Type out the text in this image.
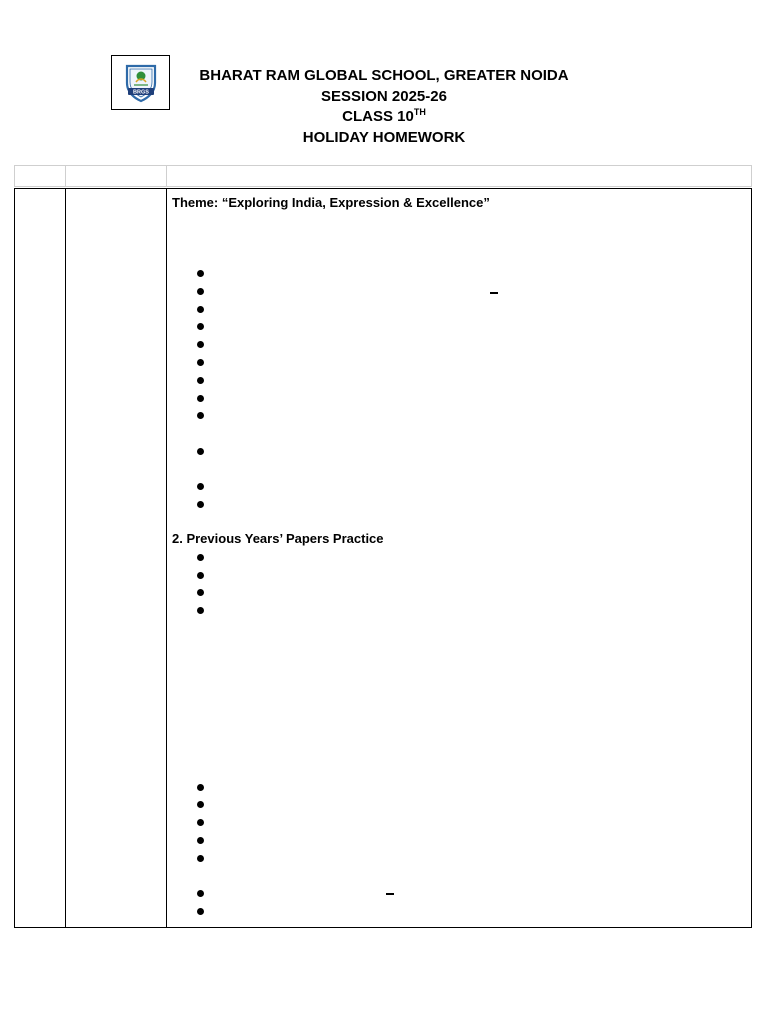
BRGS
BHARAT RAM GLOBAL SCHOOL, GREATER NOIDA
SESSION 2025-26
CLASS 10TH
HOLIDAY HOMEWORK
Theme: “Exploring India, Expression & Excellence”
2. Previous Years’ Papers Practice
